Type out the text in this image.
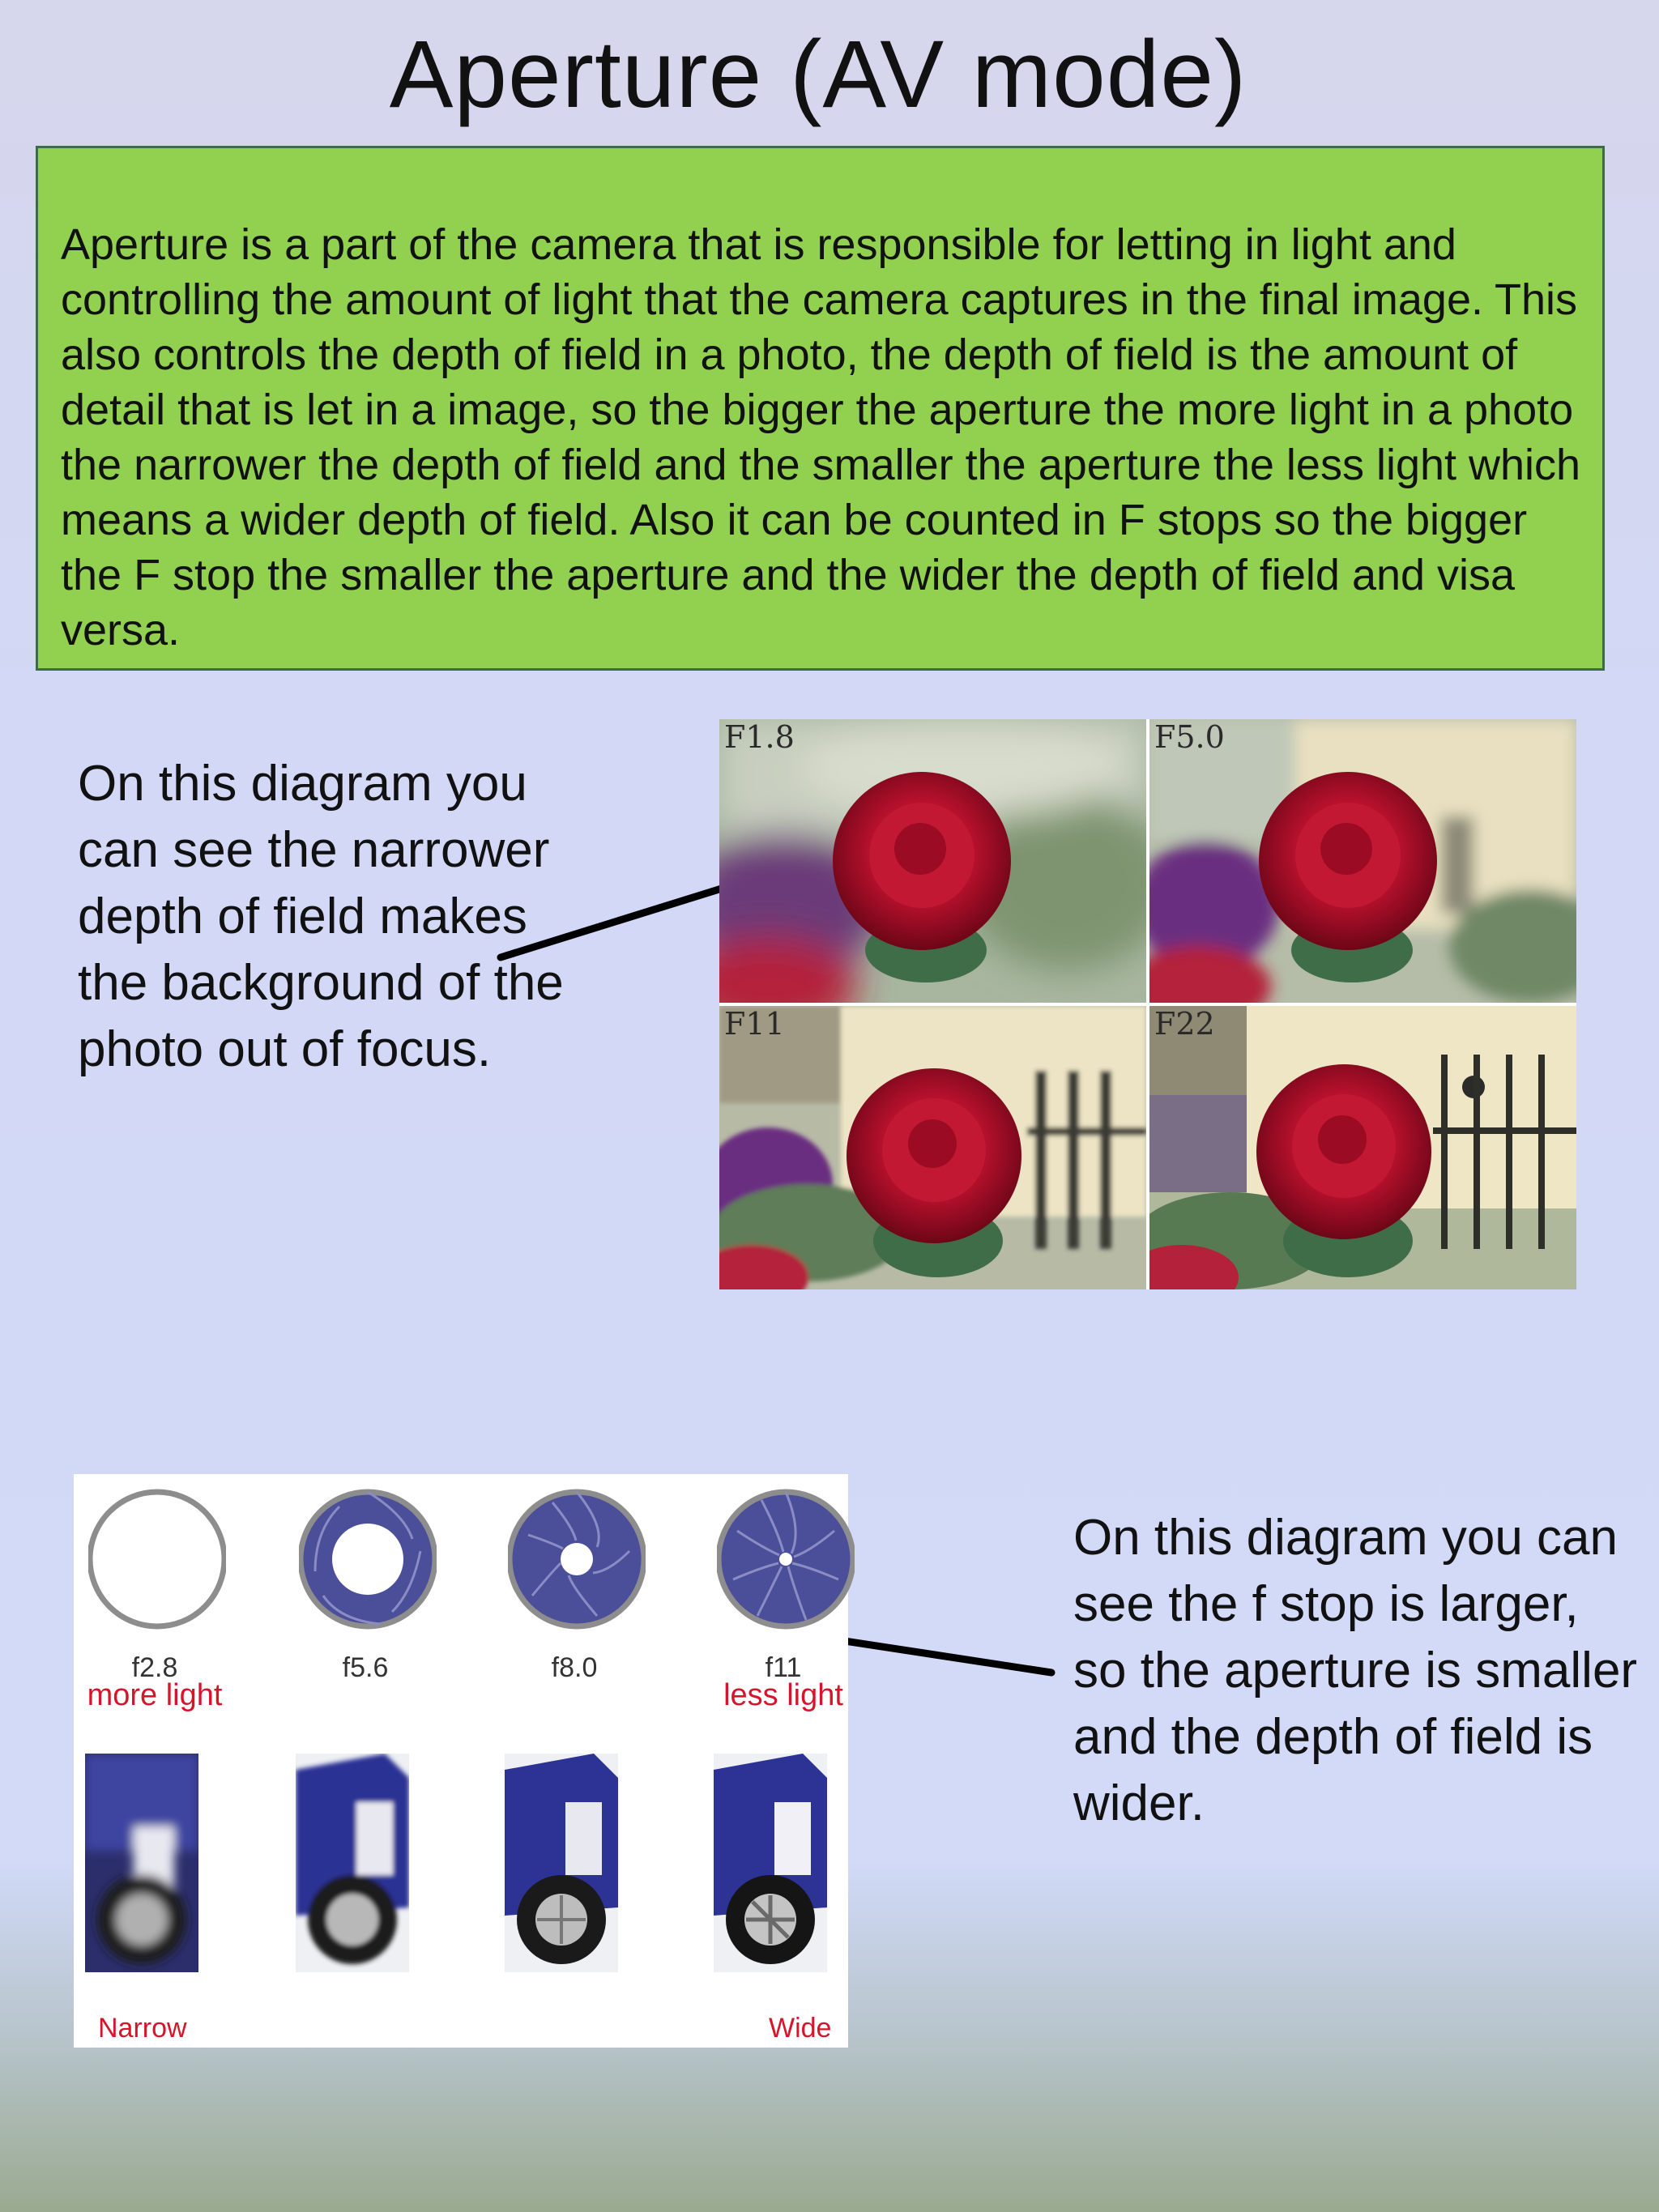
Aperture (AV mode)

Aperture is a part of the camera that is responsible for letting in light and controlling the amount of light that the camera captures in the final image. This also controls the depth of field in a photo, the depth of field is the amount of detail that is let in a image, so the bigger the aperture the more light in a photo the narrower the depth of field and the smaller the aperture the less light which means a wider depth of field. Also it can be counted in F stops so the bigger the F stop the smaller the aperture and the wider the depth of field and visa versa.

On this diagram you can see the narrower depth of field makes the background of the photo out of focus.
F1.8	F5.0
F11	F22
f2.8
more light
Narrow
f5.6	f8.0	f11
less light
Wide
On this diagram you can see the f stop is larger, so the aperture is smaller and the depth of field is wider.
